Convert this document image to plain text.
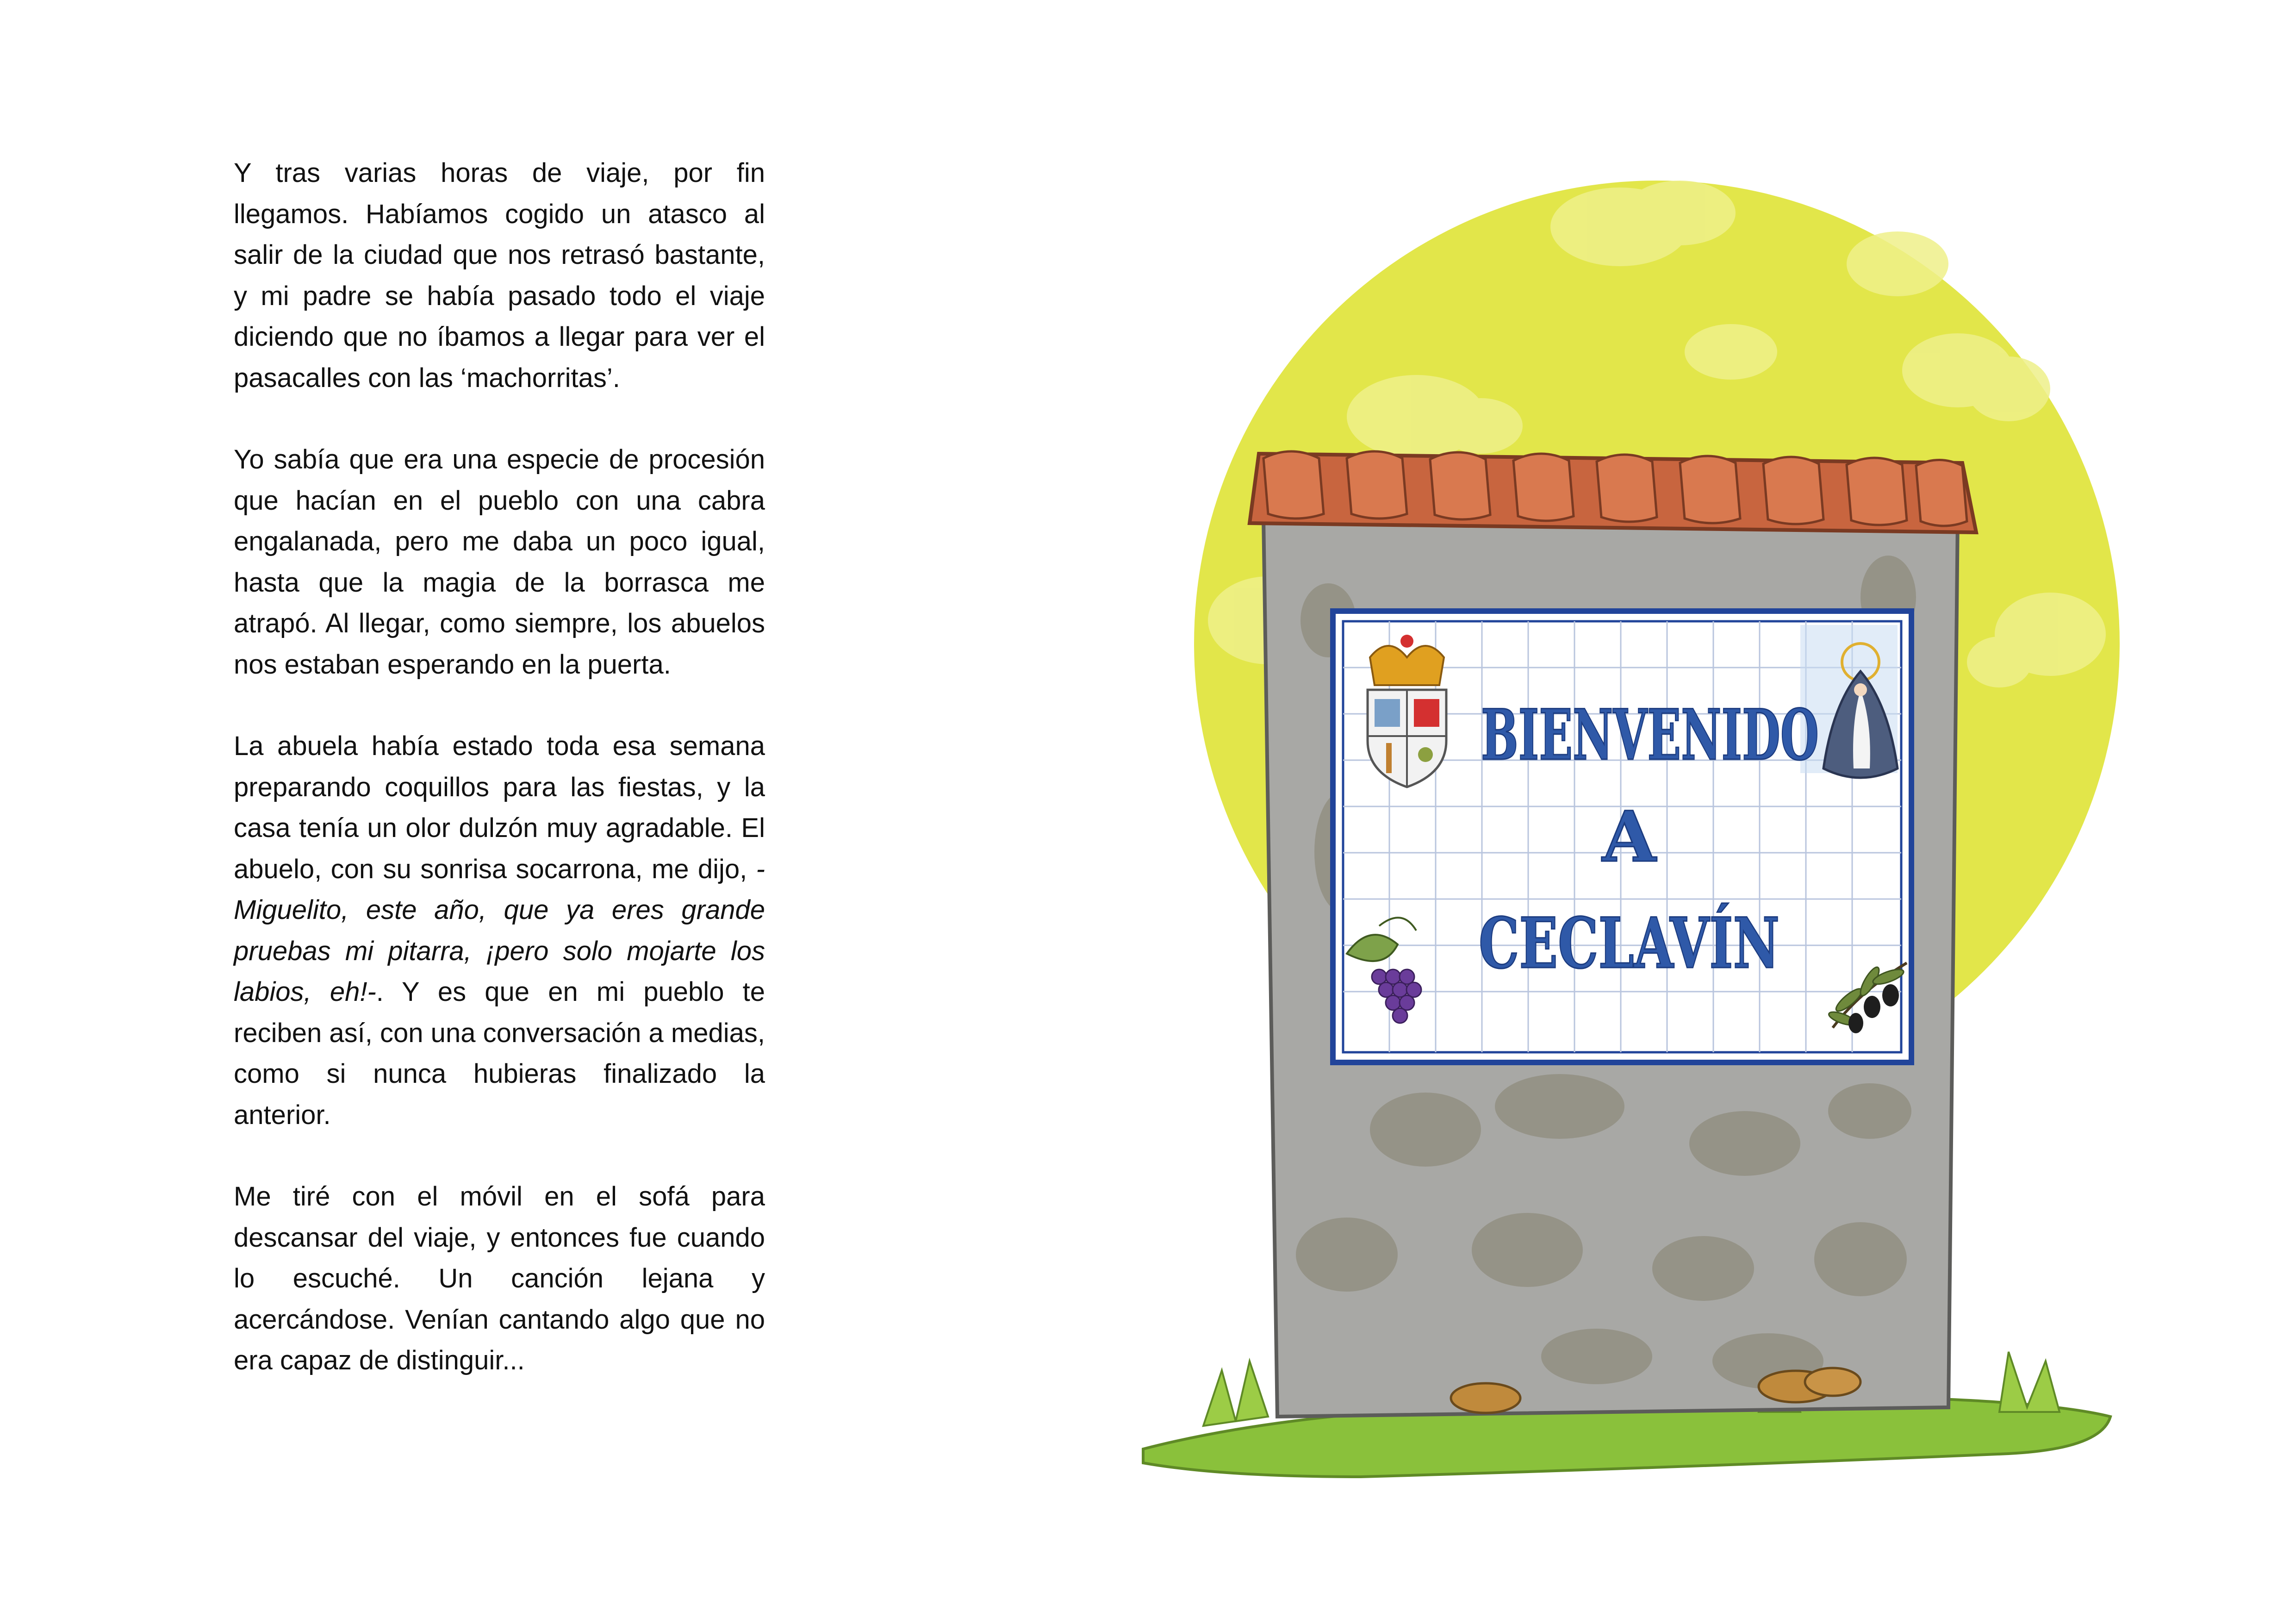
Y tras varias horas de viaje, por fin llegamos. Habíamos cogido un atasco al salir de la ciudad que nos retrasó bastante, y mi padre se había pasado todo el viaje diciendo que no íbamos a llegar para ver el pasacalles con las ‘machorritas’.

Yo sabía que era una especie de procesión que hacían en el pueblo con una cabra engalanada, pero me daba un poco igual, hasta que la magia de la borrasca me atrapó. Al llegar, como siempre, los abuelos nos estaban esperando en la puerta.

La abuela había estado toda esa semana preparando coquillos para las fiestas, y la casa tenía un olor dulzón muy agradable. El abuelo, con su sonrisa socarrona, me dijo, -Miguelito, este año, que ya eres grande pruebas mi pitarra, ¡pero solo mojarte los labios, eh!-. Y es que en mi pueblo te reciben así, con una conversación a medias, como si nunca hubieras finalizado la anterior.

Me tiré con el móvil en el sofá para descansar del viaje, y entonces fue cuando lo escuché. Un canción lejana y acercándose. Venían cantando algo que no era capaz de distinguir...

BIENVENIDO
A
CECLAVÍN
